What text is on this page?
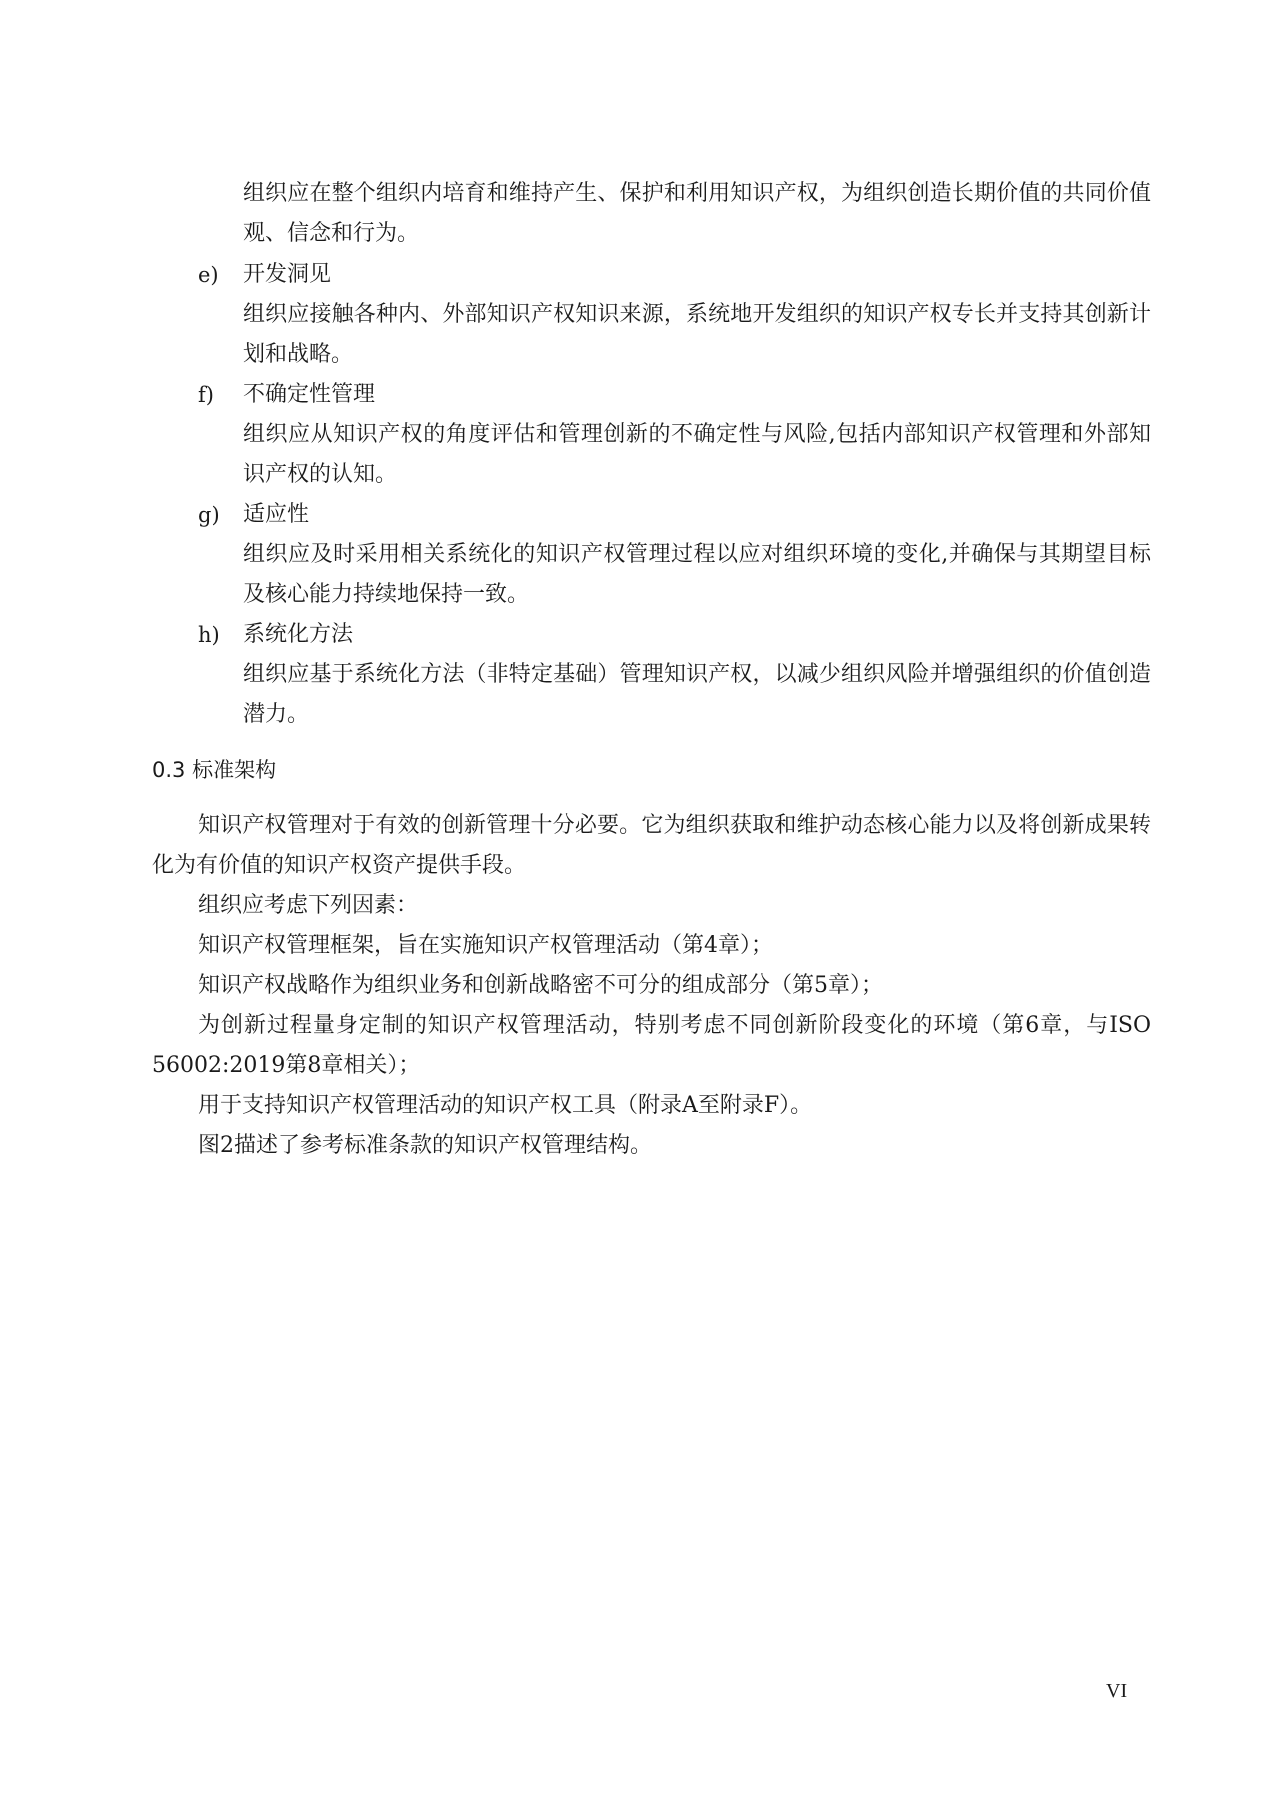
组织应在整个组织内培育和维持产生、保护和利用知识产权，为组织创造长期价值的共同价值
观、信念和行为。
e) 开发洞见
组织应接触各种内、外部知识产权知识来源，系统地开发组织的知识产权专长并支持其创新计
划和战略。
f) 不确定性管理
组织应从知识产权的角度评估和管理创新的不确定性与风险,包括内部知识产权管理和外部知
识产权的认知。
g) 适应性
组织应及时采用相关系统化的知识产权管理过程以应对组织环境的变化,并确保与其期望目标
及核心能力持续地保持一致。
h) 系统化方法
组织应基于系统化方法（非特定基础）管理知识产权，以减少组织风险并增强组织的价值创造
潜力。
0.3 标准架构
知识产权管理对于有效的创新管理十分必要。它为组织获取和维护动态核心能力以及将创新成果转
化为有价值的知识产权资产提供手段。
组织应考虑下列因素：
知识产权管理框架，旨在实施知识产权管理活动（第4章）；
知识产权战略作为组织业务和创新战略密不可分的组成部分（第5章）；
为创新过程量身定制的知识产权管理活动，特别考虑不同创新阶段变化的环境（第6章，与ISO
56002:2019第8章相关）；
用于支持知识产权管理活动的知识产权工具（附录A至附录F）。
图2描述了参考标准条款的知识产权管理结构。
VI
